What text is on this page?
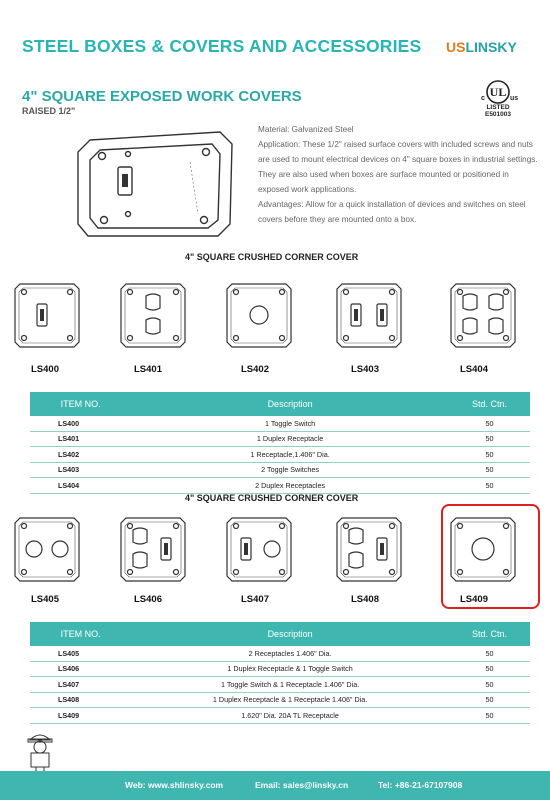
STEEL BOXES & COVERS AND ACCESSORIES USLINSKY
4" SQUARE EXPOSED WORK COVERS
RAISED 1/2"
UL
c	us
LISTED
E501003

Material: Galvanized Steel

Application: These 1/2" raised surface covers with included screws and nuts are used to mount electrical devices on 4" square boxes in industrial settings. They are also used when boxes are surface mounted or positioned in exposed work applications.

Advantages: Allow for a quick installation of devices and switches on steel covers before they are mounted onto a box.

4" SQUARE CRUSHED CORNER COVER
LS400	LS401	LS402	LS403	LS404
ITEM NO.	Description	Std. Ctn.
LS400	1 Toggle Switch	50
LS401	1 Duplex Receptacle	50
LS402	1 Receptacle,1.406" Dia.	50
LS403	2 Toggle Switches	50
LS404	2 Duplex Receptacles	50
4" SQUARE CRUSHED CORNER COVER
LS405	LS406	LS407	LS408	LS409
ITEM NO.	Description	Std. Ctn.
LS405	2 Receptacles 1.406" Dia.	50
LS406	1 Duplex Receptacle & 1 Toggle Switch	50
LS407	1 Toggle Switch & 1 Receptacle 1.406" Dia.	50
LS408	1 Duplex Receptacle & 1 Receptacle 1.406" Dia.	50
LS409	1.620" Dia. 20A TL Receptacle	50
Web: www.shlinsky.com	Email: sales@linsky.cn	Tel: +86-21-67107908
